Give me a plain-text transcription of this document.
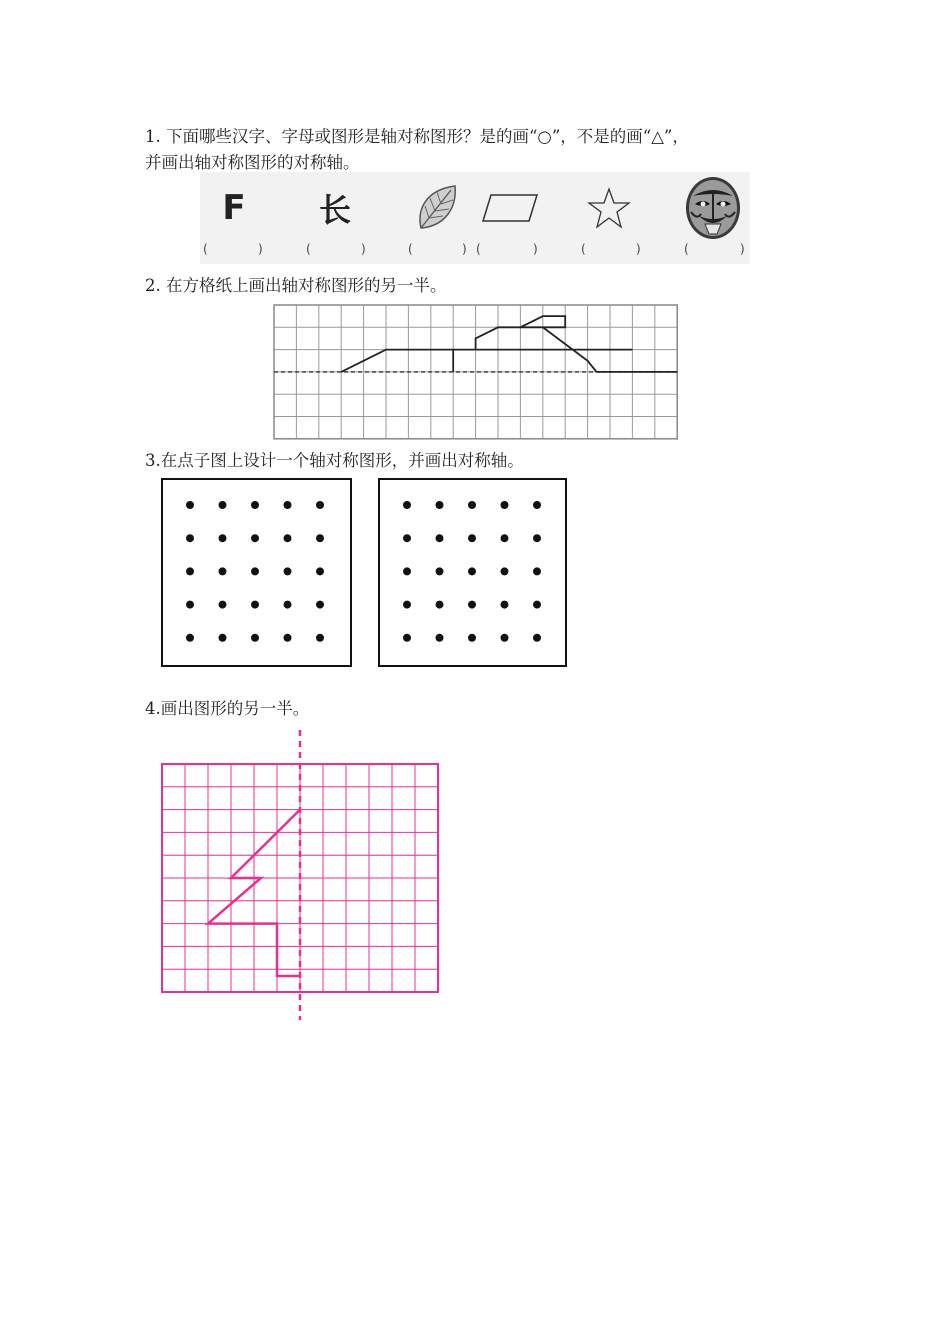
1. 下面哪些汉字、字母或图形是轴对称图形？是的画“○”，不是的画“△”，
并画出轴对称图形的对称轴。
F 长
(	)	(	)	(	) (	)	(	)	(	)
2. 在方格纸上画出轴对称图形的另一半。
3.在点子图上设计一个轴对称图形，并画出对称轴。
4.画出图形的另一半。
